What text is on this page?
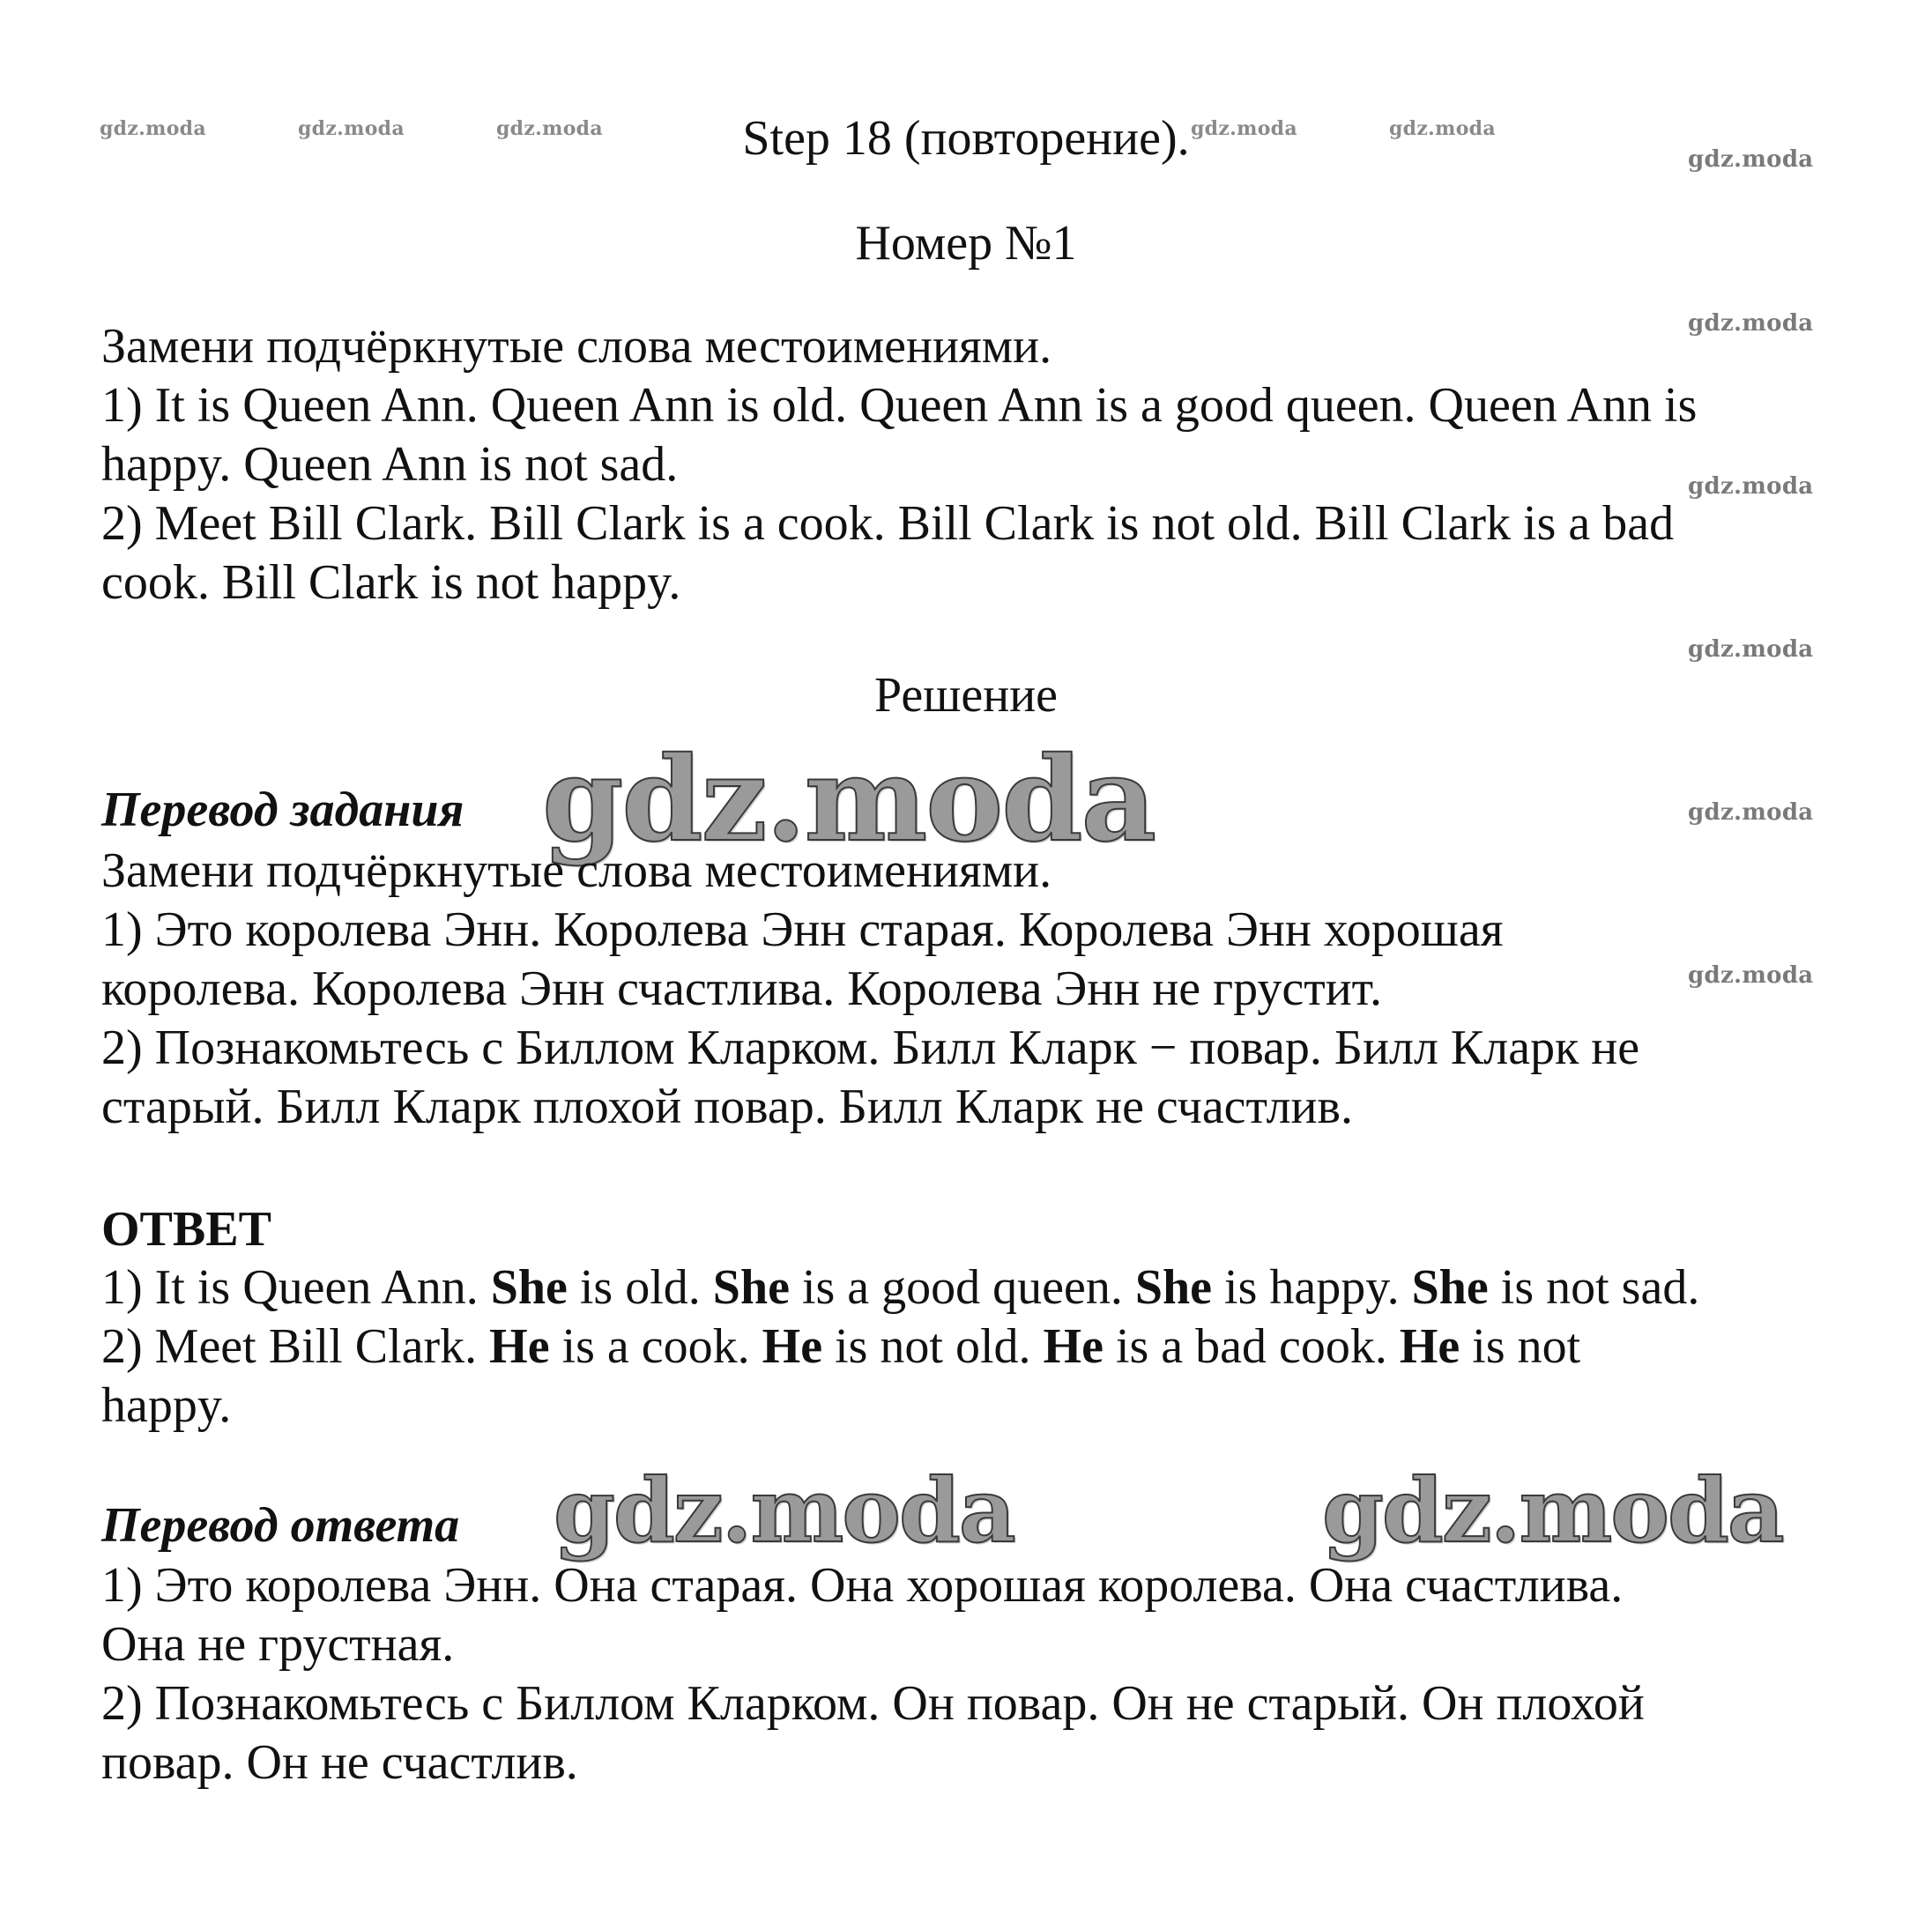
gdz.moda	gdz.moda	gdz.moda	gdz.moda	gdz.moda
gdz.moda
gdz.moda
gdz.moda
gdz.moda
gdz.moda
gdz.moda
Step 18 (повторение).
Номер №1
Замени подчёркнутые слова местоимениями.
1) It is Queen Ann. Queen Ann is old. Queen Ann is a good queen. Queen Ann is
happy. Queen Ann is not sad.
2) Meet Bill Clark. Bill Clark is a cook. Bill Clark is not old. Bill Clark is a bad
cook. Bill Clark is not happy.
Решение
gdz.moda
Перевод задания
Замени подчёркнутые слова местоимениями.
1) Это королева Энн. Королева Энн старая. Королева Энн хорошая
королева. Королева Энн счастлива. Королева Энн не грустит.
2) Познакомьтесь с Биллом Кларком. Билл Кларк − повар. Билл Кларк не
старый. Билл Кларк плохой повар. Билл Кларк не счастлив.
ОТВЕТ
1) It is Queen Ann. She is old. She is a good queen. She is happy. She is not sad.
2) Meet Bill Clark. He is a cook. He is not old. He is a bad cook. He is not
happy.
gdz.moda	gdz.moda
Перевод ответа
1) Это королева Энн. Она старая. Она хорошая королева. Она счастлива.
Она не грустная.
2) Познакомьтесь с Биллом Кларком. Он повар. Он не старый. Он плохой
повар. Он не счастлив.
